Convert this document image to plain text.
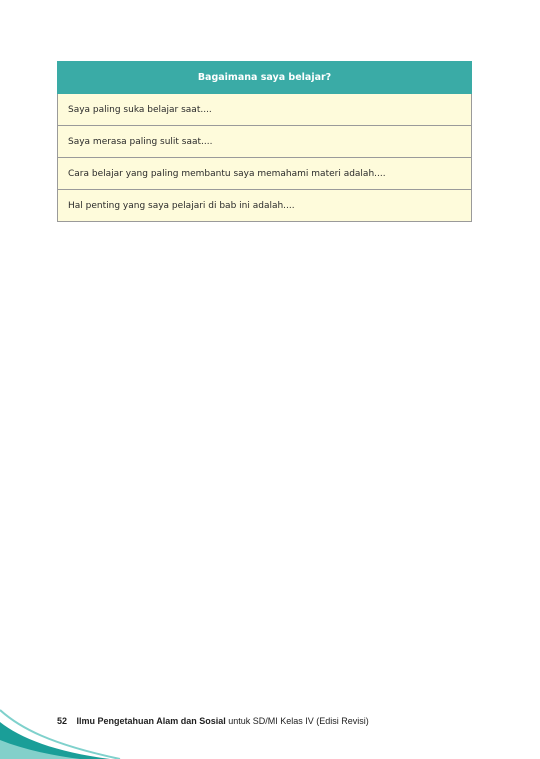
Bagaimana saya belajar?
Saya paling suka belajar saat....
Saya merasa paling sulit saat....
Cara belajar yang paling membantu saya memahami materi adalah....
Hal penting yang saya pelajari di bab ini adalah....
52 Ilmu Pengetahuan Alam dan Sosial untuk SD/MI Kelas IV (Edisi Revisi)
